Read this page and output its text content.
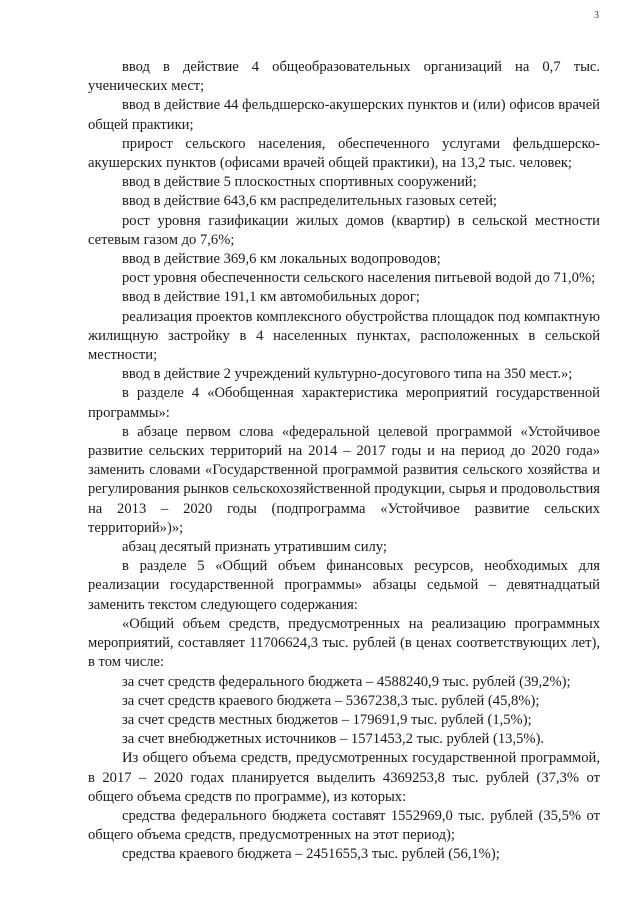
3

ввод в действие 4 общеобразовательных организаций на 0,7 тыс. ученических мест;

ввод в действие 44 фельдшерско-акушерских пунктов и (или) офисов врачей общей практики;

прирост сельского населения, обеспеченного услугами фельдшерско-акушерских пунктов (офисами врачей общей практики), на 13,2 тыс. человек;

ввод в действие 5 плоскостных спортивных сооружений;

ввод в действие 643,6 км распределительных газовых сетей;

рост уровня газификации жилых домов (квартир) в сельской местности сетевым газом до 7,6%;

ввод в действие 369,6 км локальных водопроводов;

рост уровня обеспеченности сельского населения питьевой водой до 71,0%;

ввод в действие 191,1 км автомобильных дорог;

реализация проектов комплексного обустройства площадок под компактную жилищную застройку в 4 населенных пунктах, расположенных в сельской местности;

ввод в действие 2 учреждений культурно-досугового типа на 350 мест.»;

в разделе 4 «Обобщенная характеристика мероприятий государственной программы»:

в абзаце первом слова «федеральной целевой программой «Устойчивое развитие сельских территорий на 2014 – 2017 годы и на период до 2020 года» заменить словами «Государственной программой развития сельского хозяйства и регулирования рынков сельскохозяйственной продукции, сырья и продовольствия на 2013 – 2020 годы (подпрограмма «Устойчивое развитие сельских территорий»)»;

абзац десятый признать утратившим силу;

в разделе 5 «Общий объем финансовых ресурсов, необходимых для реализации государственной программы» абзацы седьмой – девятнадцатый заменить текстом следующего содержания:

«Общий объем средств, предусмотренных на реализацию программных мероприятий, составляет 11706624,3 тыс. рублей (в ценах соответствующих лет), в том числе:

за счет средств федерального бюджета – 4588240,9 тыс. рублей (39,2%);

за счет средств краевого бюджета – 5367238,3 тыс. рублей (45,8%);

за счет средств местных бюджетов – 179691,9 тыс. рублей (1,5%);

за счет внебюджетных источников – 1571453,2 тыс. рублей (13,5%).

Из общего объема средств, предусмотренных государственной программой, в 2017 – 2020 годах планируется выделить 4369253,8 тыс. рублей (37,3% от общего объема средств по программе), из которых:

средства федерального бюджета составят 1552969,0 тыс. рублей (35,5% от общего объема средств, предусмотренных на этот период);

средства краевого бюджета – 2451655,3 тыс. рублей (56,1%);
